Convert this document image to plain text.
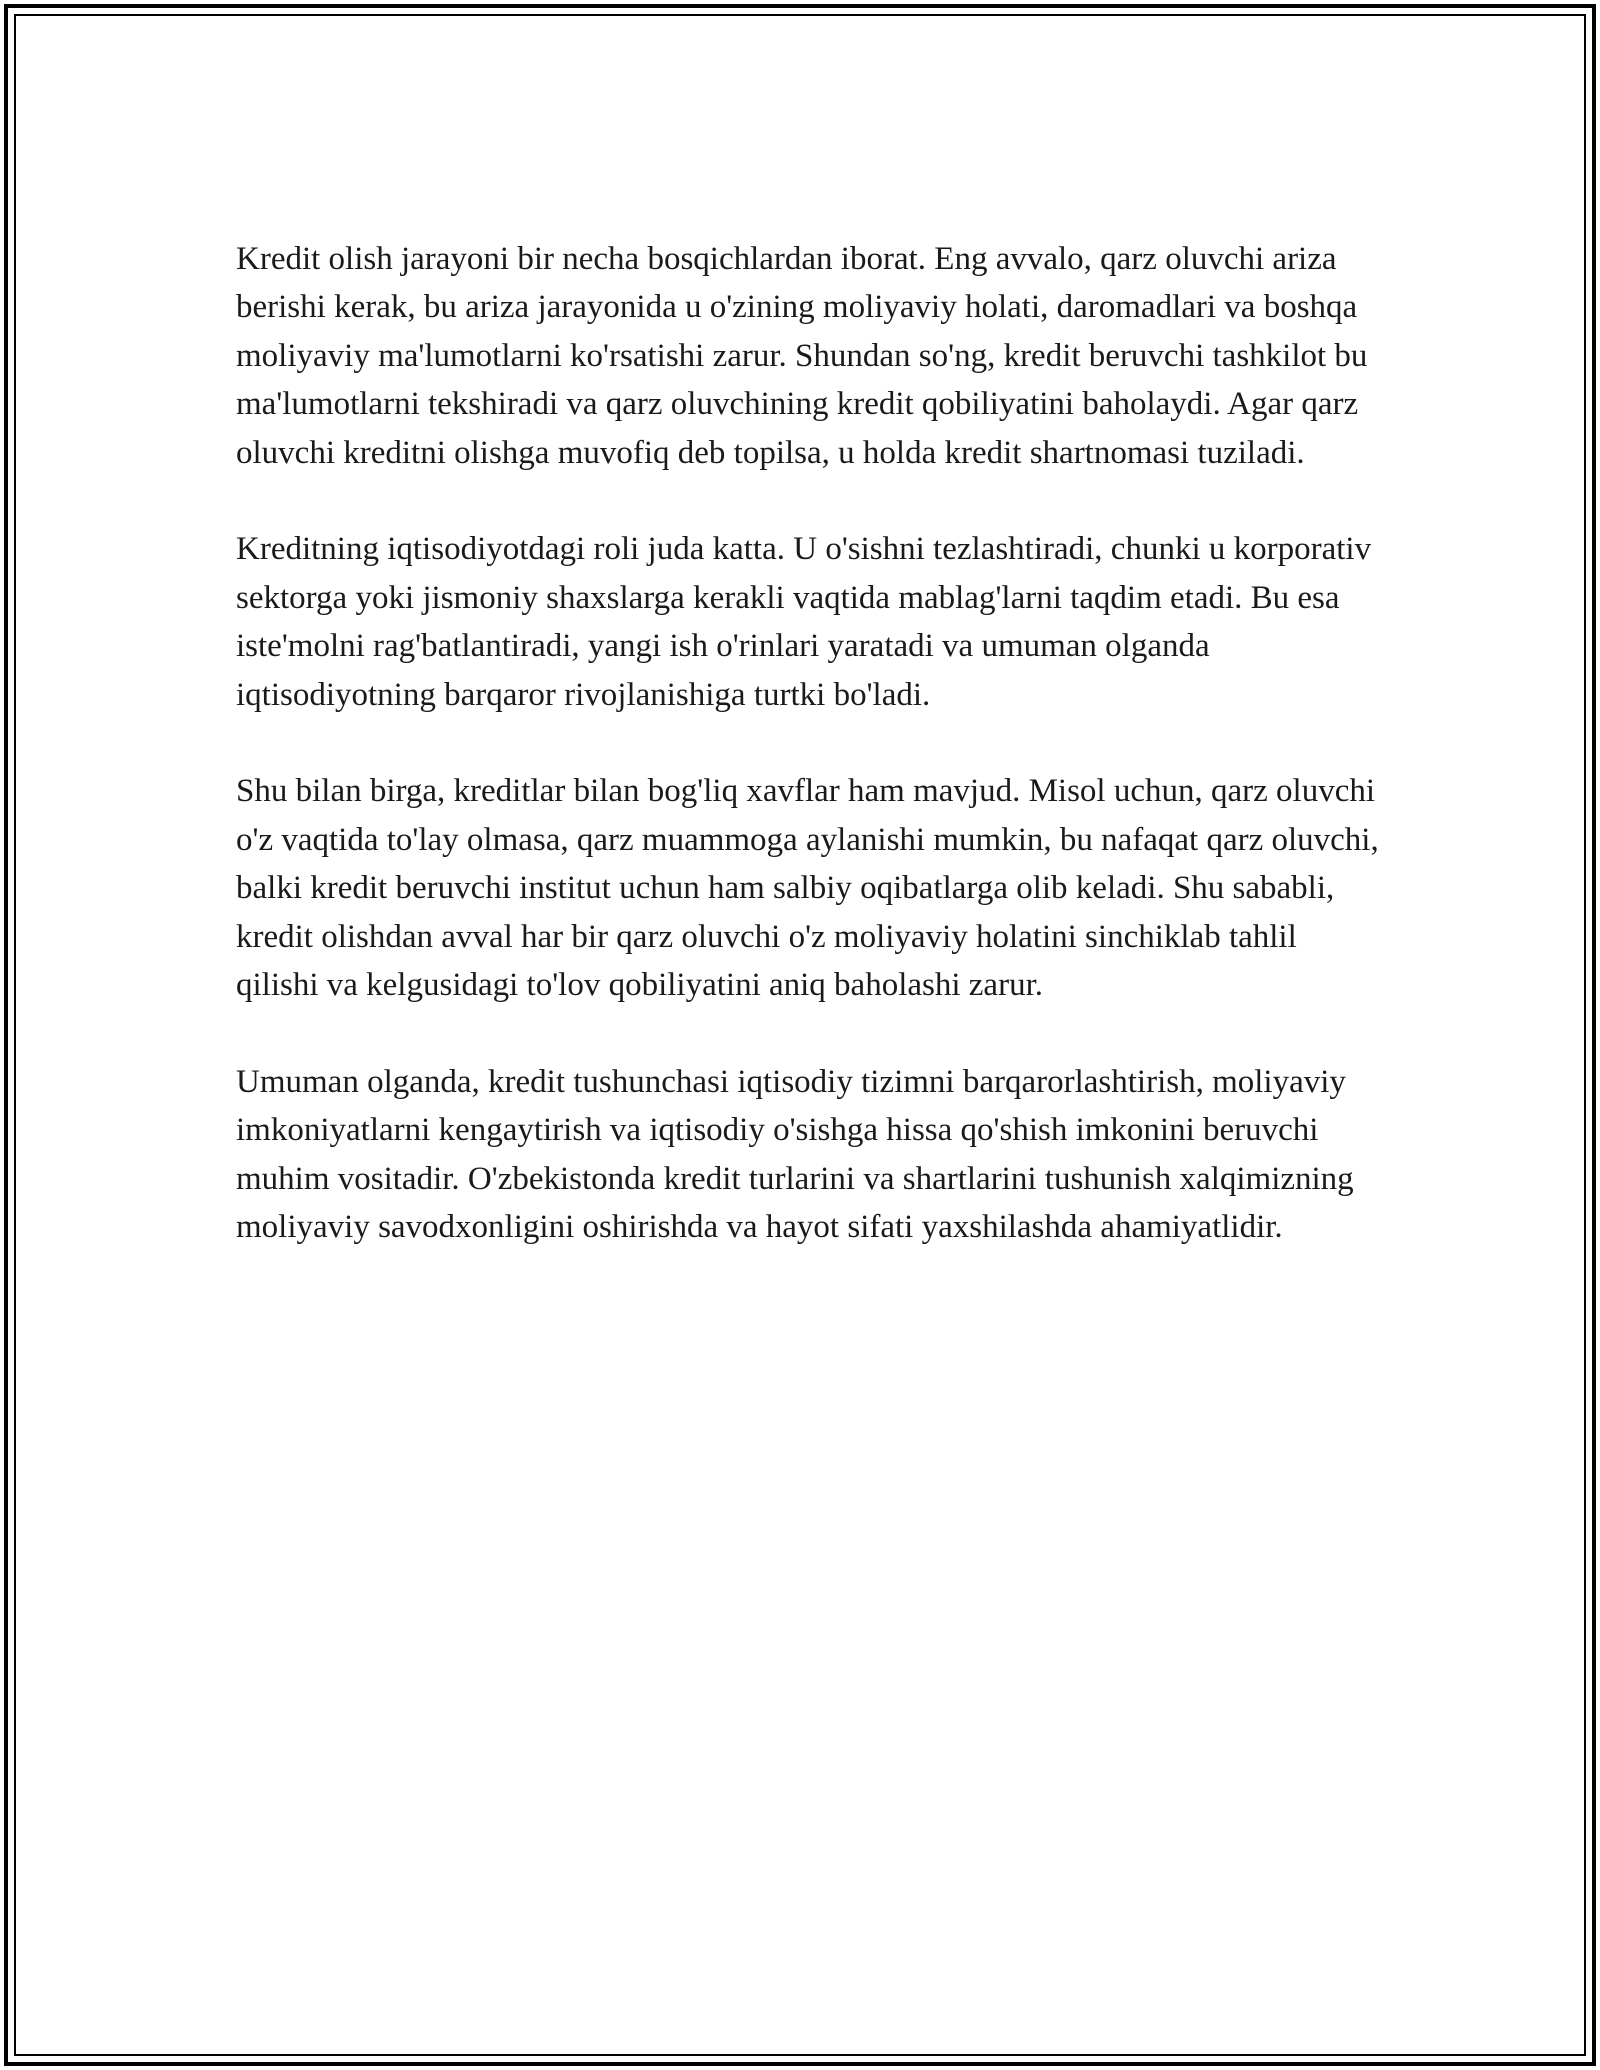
Kredit olish jarayoni bir necha bosqichlardan iborat. Eng avvalo, qarz oluvchi ariza berishi kerak, bu ariza jarayonida u o'zining moliyaviy holati, daromadlari va boshqa moliyaviy ma'lumotlarni ko'rsatishi zarur. Shundan so'ng, kredit beruvchi tashkilot bu ma'lumotlarni tekshiradi va qarz oluvchining kredit qobiliyatini baholaydi. Agar qarz oluvchi kreditni olishga muvofiq deb topilsa, u holda kredit shartnomasi tuziladi.

Kreditning iqtisodiyotdagi roli juda katta. U o'sishni tezlashtiradi, chunki u korporativ sektorga yoki jismoniy shaxslarga kerakli vaqtida mablag'larni taqdim etadi. Bu esa iste'molni rag'batlantiradi, yangi ish o'rinlari yaratadi va umuman olganda iqtisodiyotning barqaror rivojlanishiga turtki bo'ladi.

Shu bilan birga, kreditlar bilan bog'liq xavflar ham mavjud. Misol uchun, qarz oluvchi o'z vaqtida to'lay olmasa, qarz muammoga aylanishi mumkin, bu nafaqat qarz oluvchi, balki kredit beruvchi institut uchun ham salbiy oqibatlarga olib keladi. Shu sababli, kredit olishdan avval har bir qarz oluvchi o'z moliyaviy holatini sinchiklab tahlil qilishi va kelgusidagi to'lov qobiliyatini aniq baholashi zarur.

Umuman olganda, kredit tushunchasi iqtisodiy tizimni barqarorlashtirish, moliyaviy imkoniyatlarni kengaytirish va iqtisodiy o'sishga hissa qo'shish imkonini beruvchi muhim vositadir. O'zbekistonda kredit turlarini va shartlarini tushunish xalqimizning moliyaviy savodxonligini oshirishda va hayot sifati yaxshilashda ahamiyatlidir.
